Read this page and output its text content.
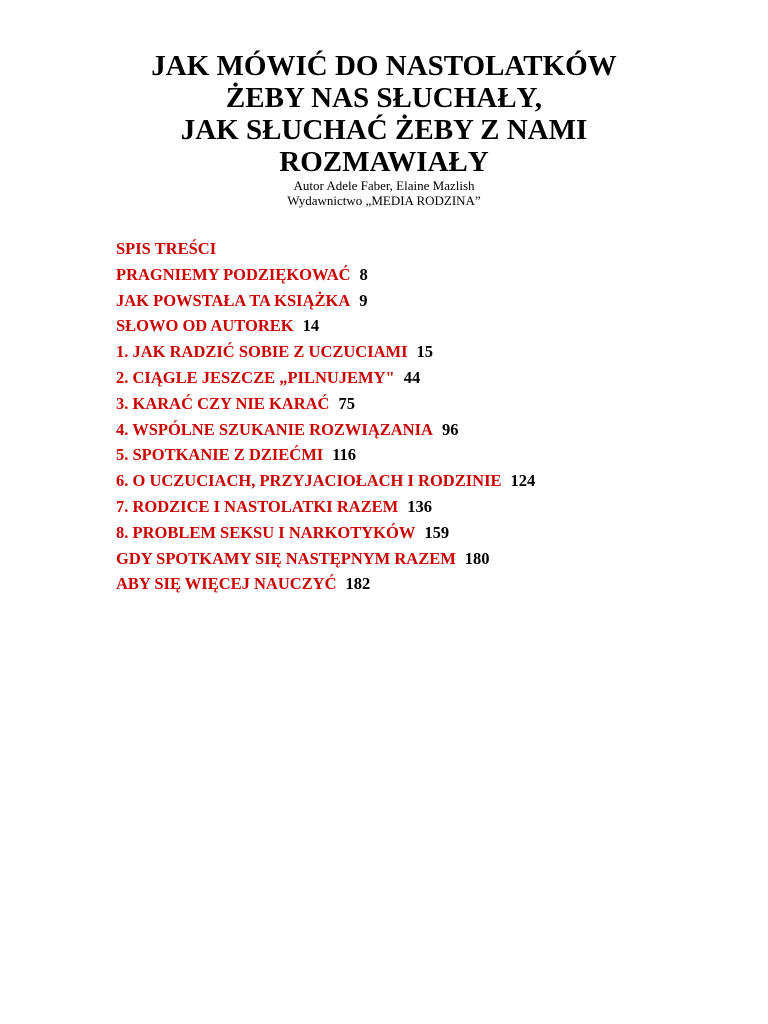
JAK MÓWIĆ DO NASTOLATKÓW
ŻEBY NAS SŁUCHAŁY,
JAK SŁUCHAĆ ŻEBY Z NAMI
ROZMAWIAŁY
Autor Adele Faber, Elaine Mazlish
Wydawnictwo „MEDIA RODZINA”
SPIS TREŚCI
PRAGNIEMY PODZIĘKOWAĆ 8
JAK POWSTAŁA TA KSIĄŻKA 9
SŁOWO OD AUTOREK 14
1. JAK RADZIĆ SOBIE Z UCZUCIAMI 15
2. CIĄGLE JESZCZE „PILNUJEMY" 44
3. KARAĆ CZY NIE KARAĆ 75
4. WSPÓLNE SZUKANIE ROZWIĄZANIA 96
5. SPOTKANIE Z DZIEĆMI 116
6. O UCZUCIACH, PRZYJACIOŁACH I RODZINIE 124
7. RODZICE I NASTOLATKI RAZEM 136
8. PROBLEM SEKSU I NARKOTYKÓW 159
GDY SPOTKAMY SIĘ NASTĘPNYM RAZEM 180
ABY SIĘ WIĘCEJ NAUCZYĆ 182
